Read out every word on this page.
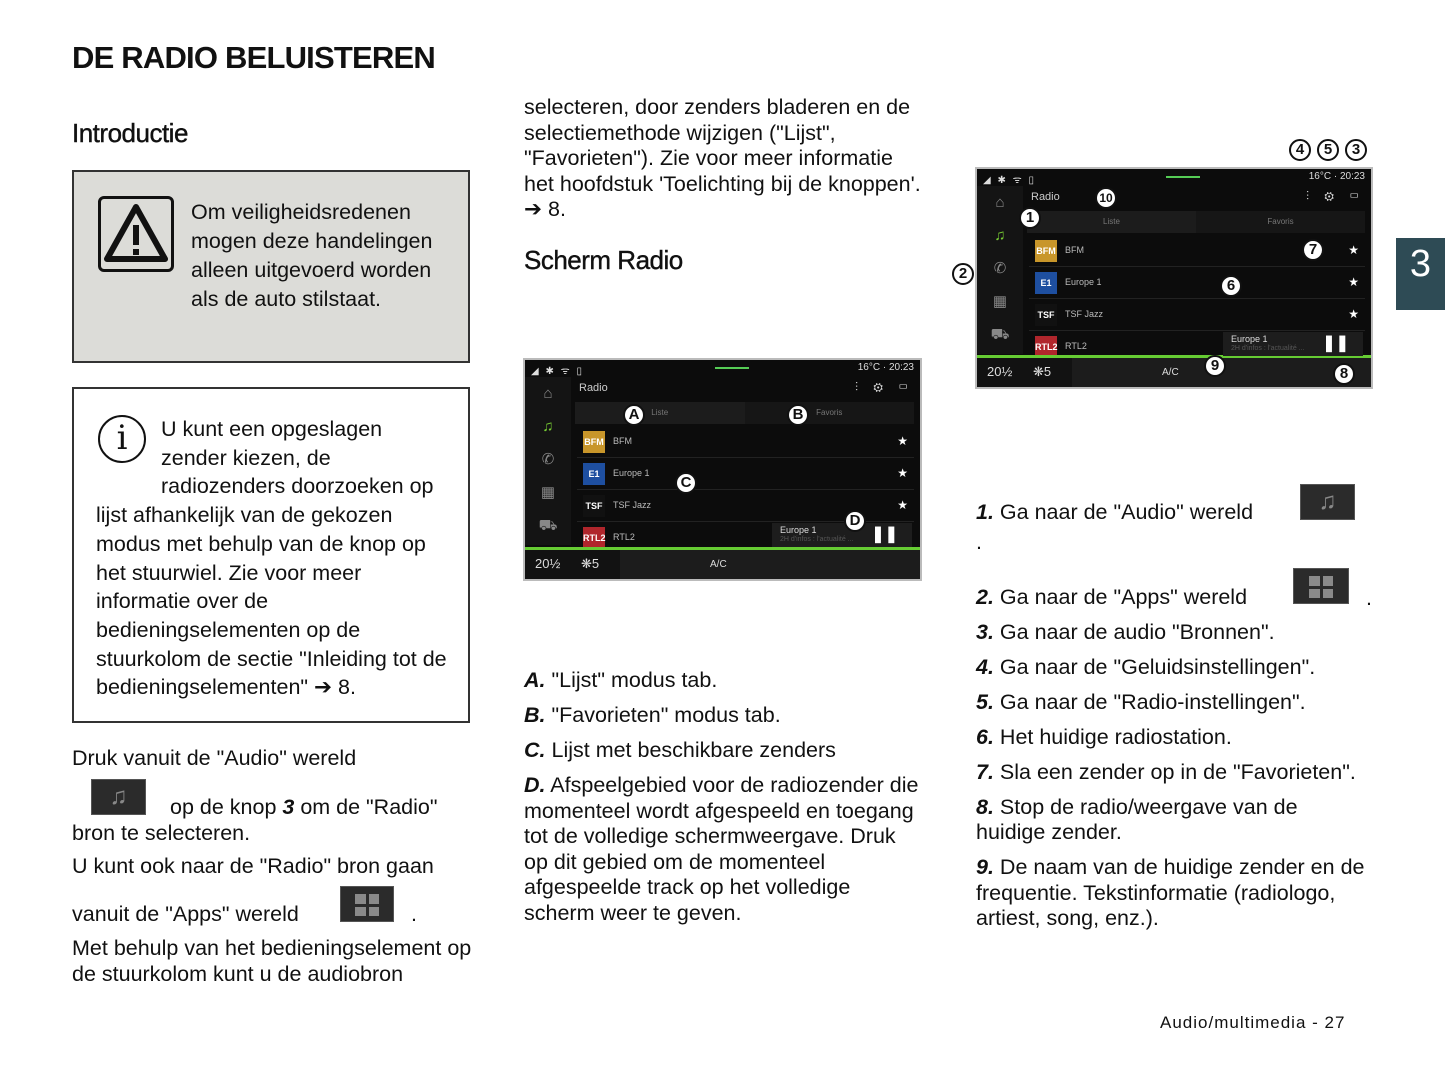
DE RADIO BELUISTEREN
Introductie

Om veiligheidsredenen mogen deze handelingen alleen uitgevoerd worden als de auto stilstaat.

i	U kunt een opgeslagen zender kiezen, de radiozenders doorzoeken op lijst afhankelijk van de gekozen modus met behulp van de knop op het stuurwiel. Zie voor meer informatie over de bedieningselementen op de stuurkolom de sectie "Inleiding tot de bedieningselementen" ➔ 8.

Druk vanuit de "Audio" wereld

♫	op de knop 3 om de "Radio" bron te selecteren.

U kunt ook naar de "Radio" bron gaan

vanuit de "Apps" wereld	.

Met behulp van het bedieningselement op de stuurkolom kunt u de audiobron

selecteren, door zenders bladeren en de selectiemethode wijzigen ("Lijst", "Favorieten"). Zie voor meer informatie het hoofdstuk 'Toelichting bij de knoppen'. ➔ 8.

Scherm Radio
◢ ✱ ᯤ ▯	16°C · 20:23
⌂
♫
✆
▦
⛟
Radio	⫶ ⚙ ▭
Liste	Favoris
BFM BFM	★
E1	Europe 1	★
TSF TSF Jazz	★
RTL2 RTL2
Europe 1
2H d'infos : l'actualité ... ❚❚
20½ ❋5	A/C
A	B
C
D

A. "Lijst" modus tab.

B. "Favorieten" modus tab.

C. Lijst met beschikbare zenders

D. Afspeelgebied voor de radiozender die momenteel wordt afgespeeld en toegang tot de volledige schermweergave. Druk op dit gebied om de momenteel afgespeelde track op het volledige scherm weer te geven.

◢ ✱ ᯤ ▯	16°C · 20:23
⌂
♫
✆
▦
⛟
Radio	⫶ ⚙ ▭
Liste	Favoris
BFM BFM	★
E1	Europe 1	★
TSF TSF Jazz	★
RTL2 RTL2
Europe 1
2H d'infos : l'actualité ... ❚❚
20½ ❋5	A/C
1
2
3
4	5
6
7
8
9
10

1. Ga naar de "Audio" wereld

2. Ga naar de "Apps" wereld

3. Ga naar de audio "Bronnen".

4. Ga naar de "Geluidsinstellingen".

5. Ga naar de "Radio-instellingen".

6. Het huidige radiostation.

7. Sla een zender op in de "Favorieten".

8. Stop de radio/weergave van de huidige zender.

9. De naam van de huidige zender en de frequentie. Tekstinformatie (radiologo, artiest, song, enz.).

♫

.

.

3
Audio/multimedia - 27
